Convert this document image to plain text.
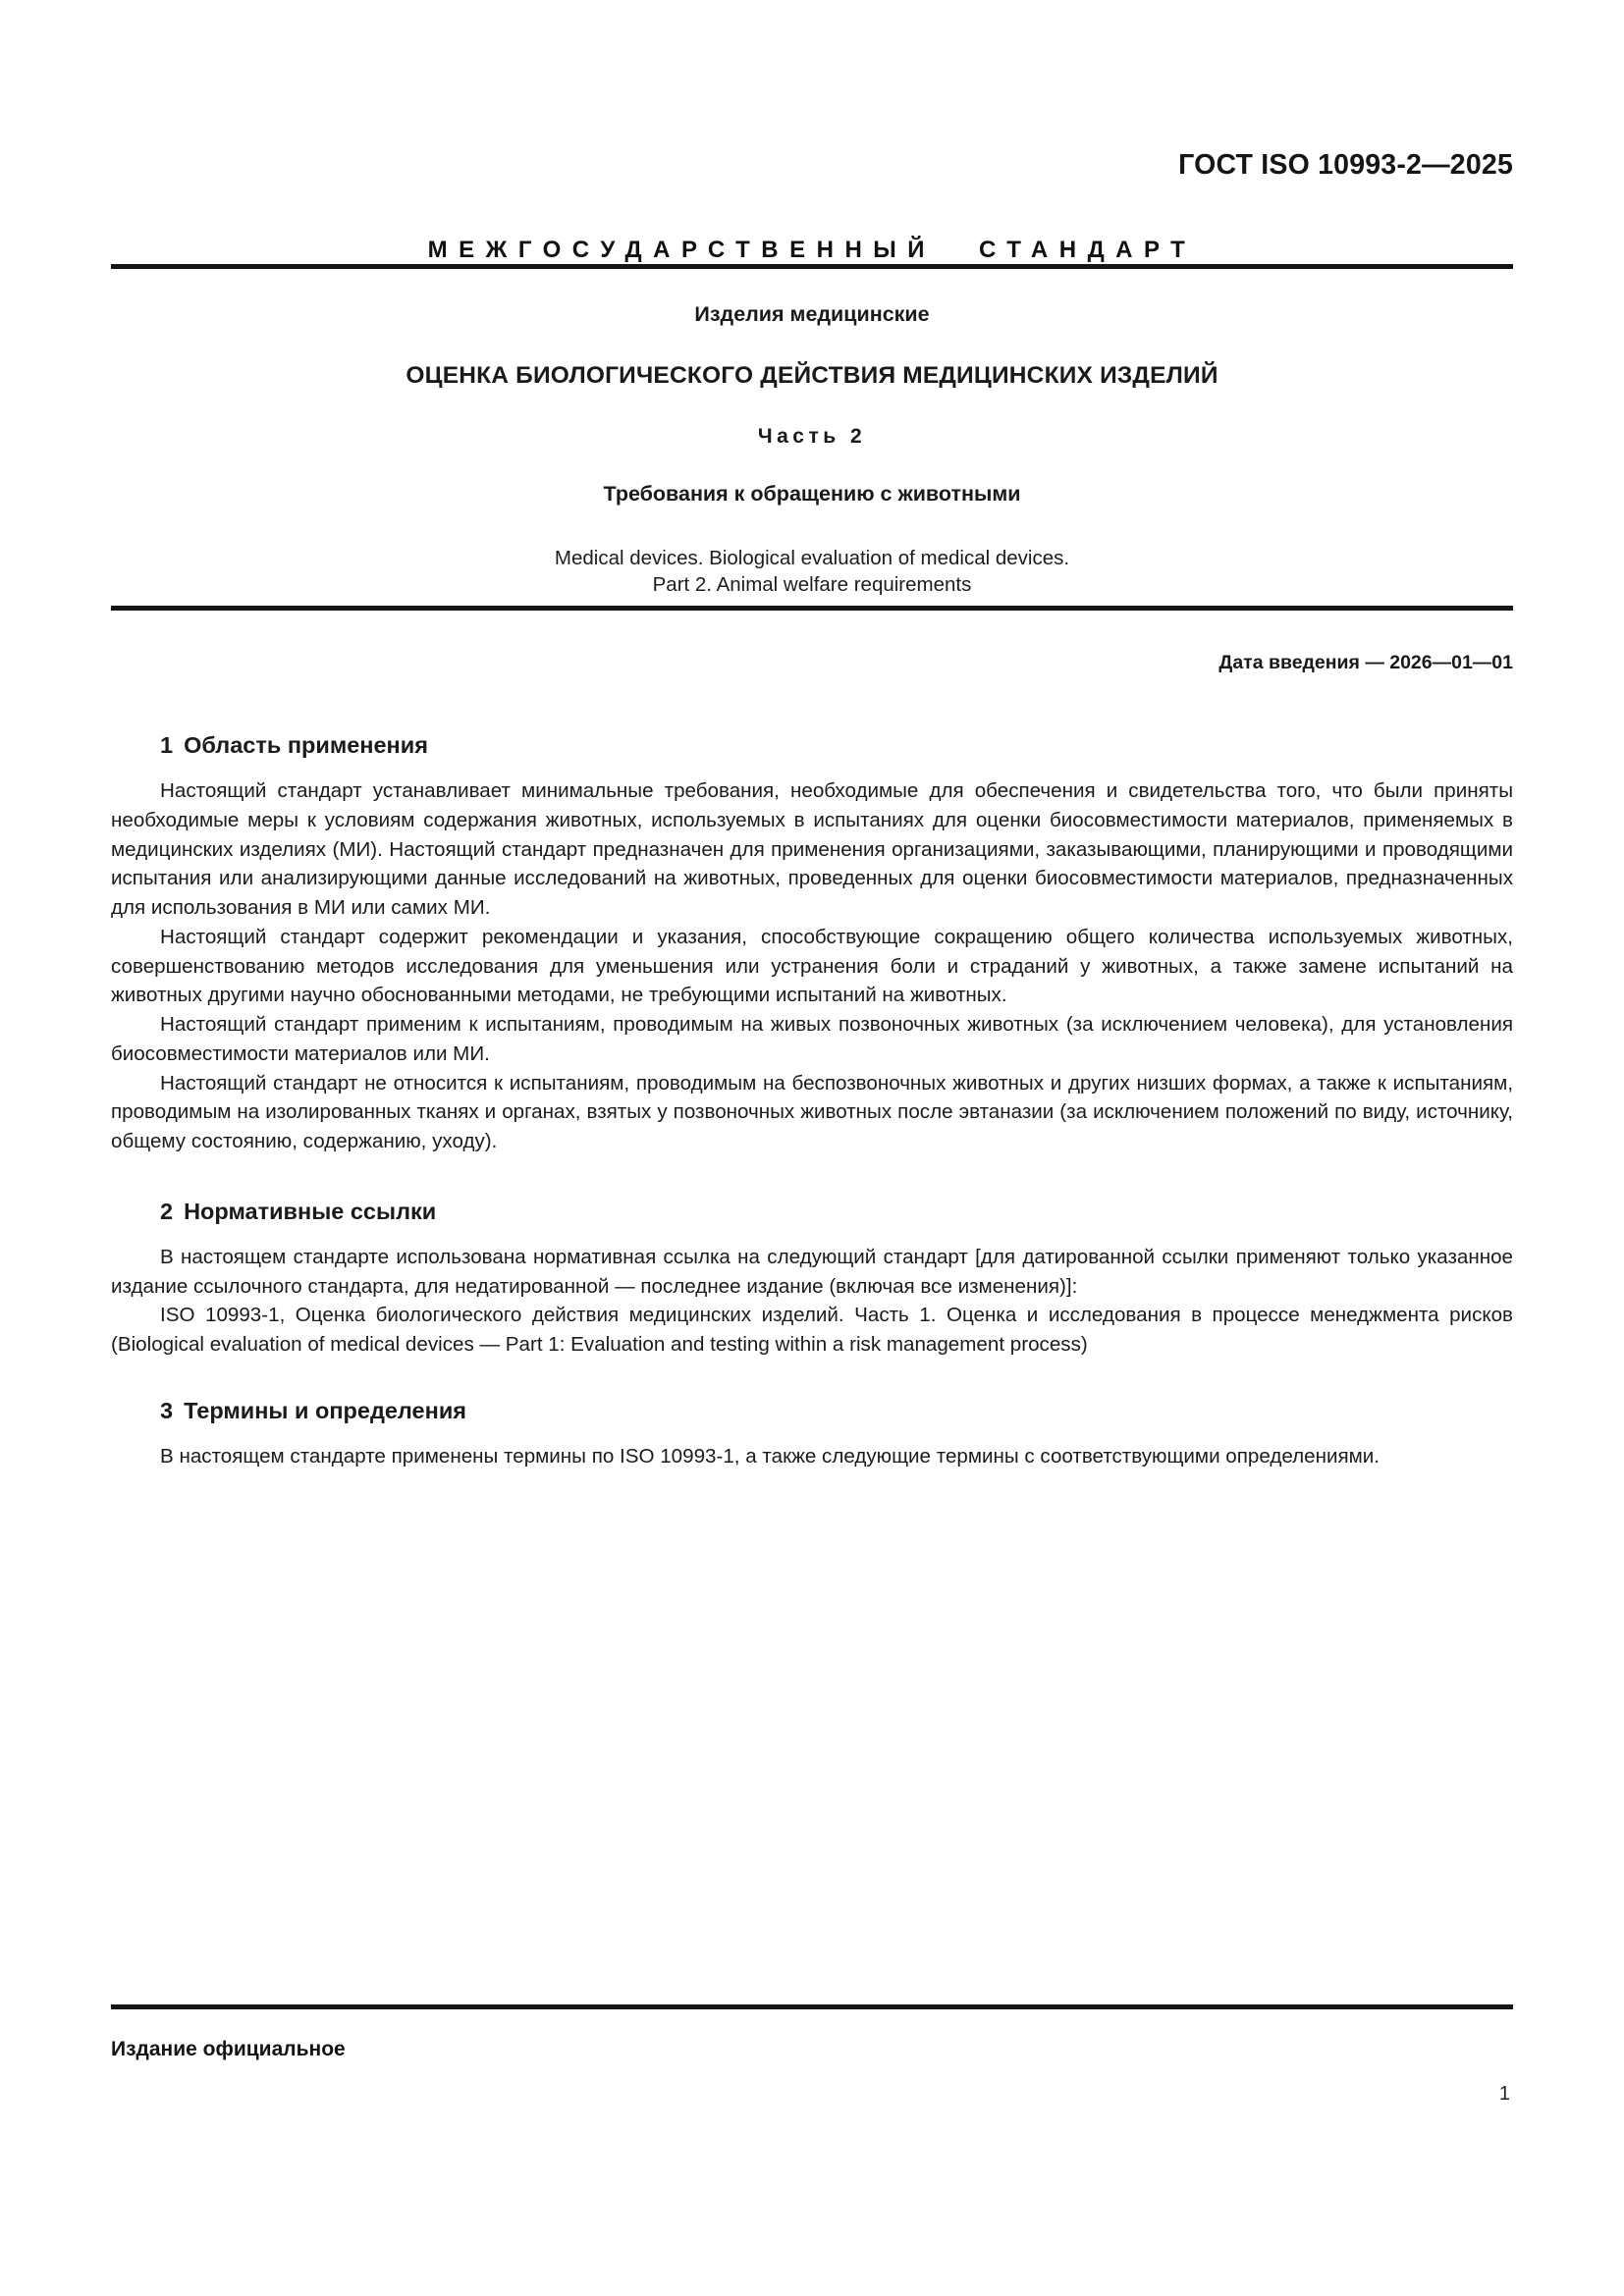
ГОСТ ISO 10993-2—2025
МЕЖГОСУДАРСТВЕННЫЙ СТАНДАРТ
Изделия медицинские
ОЦЕНКА БИОЛОГИЧЕСКОГО ДЕЙСТВИЯ МЕДИЦИНСКИХ ИЗДЕЛИЙ
Часть 2
Требования к обращению с животными
Medical devices. Biological evaluation of medical devices.
Part 2. Animal welfare requirements
Дата введения — 2026—01—01
1 Область применения

Настоящий стандарт устанавливает минимальные требования, необходимые для обеспечения и свидетельства того, что были приняты необходимые меры к условиям содержания животных, используемых в испытаниях для оценки биосовместимости материалов, применяемых в медицинских изделиях (МИ). Настоящий стандарт предназначен для применения организациями, заказывающими, планирующими и проводящими испытания или анализирующими данные исследований на животных, проведенных для оценки биосовместимости материалов, предназначенных для использования в МИ или самих МИ.

Настоящий стандарт содержит рекомендации и указания, способствующие сокращению общего количества используемых животных, совершенствованию методов исследования для уменьшения или устранения боли и страданий у животных, а также замене испытаний на животных другими научно обоснованными методами, не требующими испытаний на животных.

Настоящий стандарт применим к испытаниям, проводимым на живых позвоночных животных (за исключением человека), для установления биосовместимости материалов или МИ.

Настоящий стандарт не относится к испытаниям, проводимым на беспозвоночных животных и других низших формах, а также к испытаниям, проводимым на изолированных тканях и органах, взятых у позвоночных животных после эвтаназии (за исключением положений по виду, источнику, общему состоянию, содержанию, уходу).

2 Нормативные ссылки

В настоящем стандарте использована нормативная ссылка на следующий стандарт [для датированной ссылки применяют только указанное издание ссылочного стандарта, для недатированной — последнее издание (включая все изменения)]:

ISO 10993-1, Оценка биологического действия медицинских изделий. Часть 1. Оценка и исследования в процессе менеджмента рисков (Biological evaluation of medical devices — Part 1: Evaluation and testing within a risk management process)

3 Термины и определения

В настоящем стандарте применены термины по ISO 10993-1, а также следующие термины с соответствующими определениями.

Издание официальное
1
